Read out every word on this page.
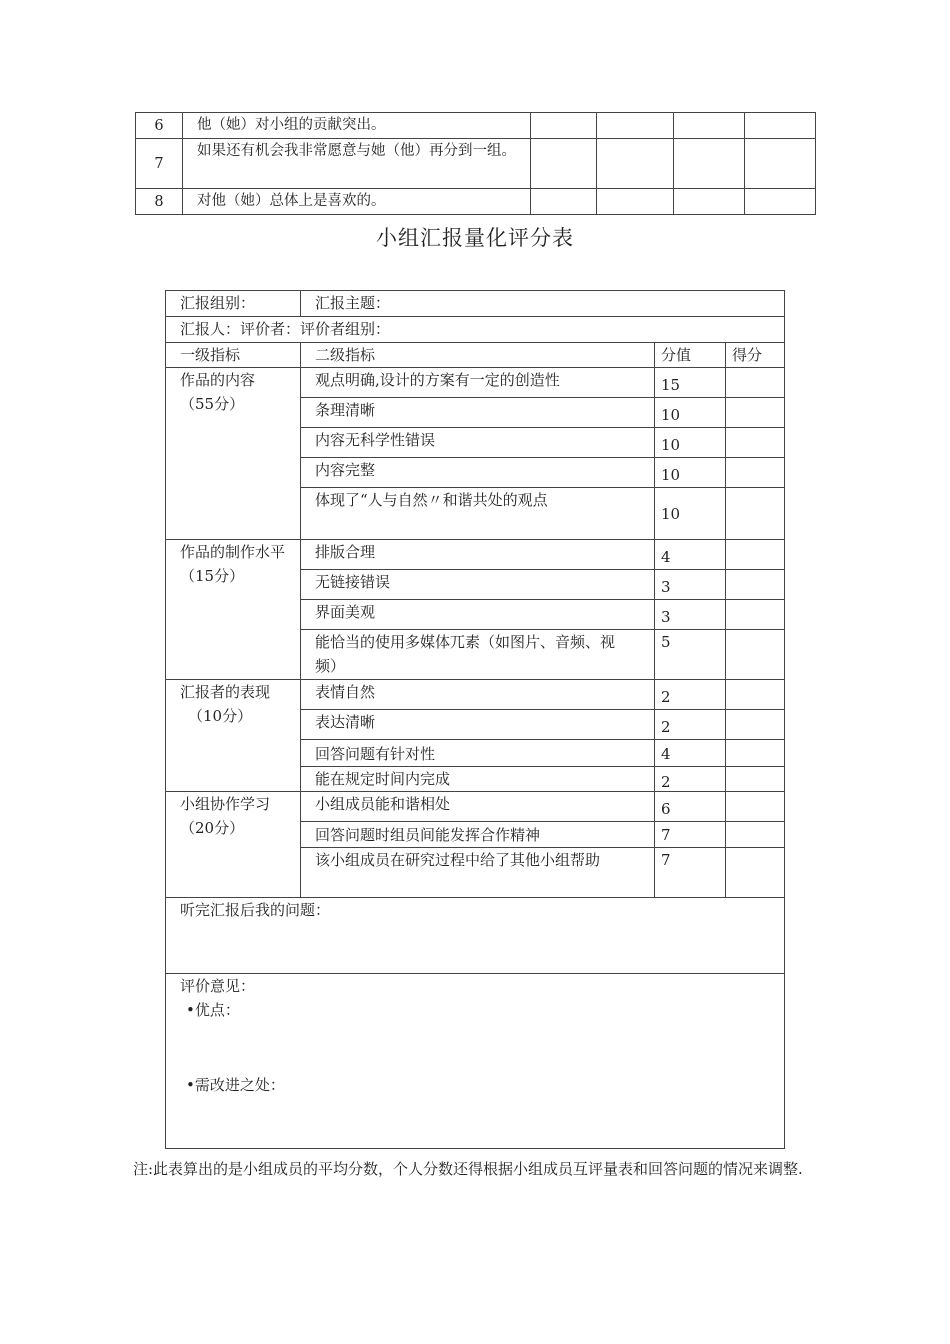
6	他（她）对小组的贡献突出。				
7	如果还有机会我非常愿意与她（他）再分到一组。				
8	对他（她）总体上是喜欢的。				
小组汇报量化评分表
汇报组别：	汇报主题：		
汇报人：评价者：评价者组别：			
一级指标	二级指标	分值	得分

作品的内容
（55分）	观点明确,设计的方案有一定的创造性	15	

	条理清晰	10	

	内容无科学性错误	10	

	内容完整	10	

	体现了“人与自然〃和谐共处的观点	10	

作品的制作水平（15分）	排版合理	4	

	无链接错误	3	

	界面美观	3	

	能恰当的使用多媒体兀素（如图片、音频、视频）	5	

汇报者的表现
（10分）	表情自然	2	

	表达清晰	2	

	回答问题有针对性	4	
	能在规定时间内完成	2	

小组协作学习
（20分）	小组成员能和谐相处	6	

	回答问题时组员间能发挥合作精神	7	
	该小组成员在研究过程中给了其他小组帮助	7	
听完汇报后我的问题：			

评价意见：
•优点：
•需改进之处：			
注:此表算出的是小组成员的平均分数，个人分数还得根据小组成员互评量表和回答问题的情况来调整.
